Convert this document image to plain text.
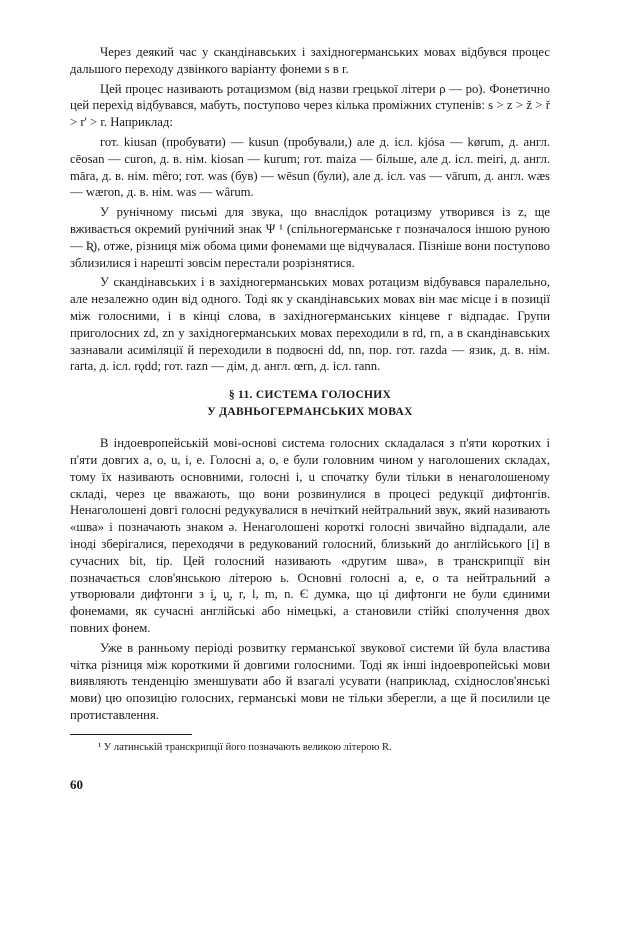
Через деякий час у скандінавських і західногерманських мовах відбувся процес дальшого переходу дзвінкого варіанту фонеми s в r.

Цей процес називають ротацизмом (від назви грецької літери ρ — ро). Фонетично цей перехід відбувався, мабуть, поступово через кілька проміжних ступенів: s > z > ž > ř > r' > r. Наприклад:

гот. kiusan (пробувати) — kusun (пробували,) але д. ісл. kjósa — kørum, д. англ. cēosan — curon, д. в. нім. kiosan — kurum; гот. maiza — більше, але д. ісл. meiri, д. англ. māra, д. в. нім. mêro; гот. was (був) — wēsun (були), але д. ісл. vas — vārum, д. англ. wæs — wæron, д. в. нім. was — wârum.

У рунічному письмі для звука, що внаслідок ротацизму утворився із z, ще вживається окремий рунічний знак Ψ ¹ (спільногерманське r позначалося іншою руною — Ʀ), отже, різниця між обома цими фонемами ще відчувалася. Пізніше вони поступово зблизилися і нарешті зовсім перестали розрізнятися.

У скандінавських і в західногерманських мовах ротацизм відбувався паралельно, але незалежно один від одного. Тоді як у скандінавських мовах він має місце і в позиції між голосними, і в кінці слова, в західногерманських кінцеве r відпадає. Групи приголосних zd, zn у західногерманських мовах переходили в rd, rn, а в скандінавських зазнавали асиміляції й переходили в подвоєні dd, nn, пор. гот. razda — язик, д. в. нім. rarta, д. ісл. rǫdd; гот. razn — дім, д. англ. œrn, д. ісл. rann.

§ 11. СИСТЕМА ГОЛОСНИХ
У ДАВНЬОГЕРМАНСЬКИХ МОВАХ

В індоевропейській мові-основі система голосних складалася з п'яти коротких і п'яти довгих a, o, u, i, e. Голосні a, o, e були головним чином у наголошених складах, тому їх називають основними, голосні i, u спочатку були тільки в ненаголошеному складі, через це вважають, що вони розвинулися в процесі редукції дифтонгів. Ненаголошені довгі голосні редукувалися в нечіткий нейтральний звук, який називають «шва» і позначають знаком ə. Ненаголошені короткі голосні звичайно відпадали, але іноді зберігалися, переходячи в редукований голосний, близький до англійського [i] в сучасних bit, tip. Цей голосний називають «другим шва», в транскрипції він позначається слов'янською літерою ь. Основні голосні a, e, o та нейтральний ə утворювали дифтонги з i̯, u̯, r, l, m, n. Є думка, що ці дифтонги не були єдиними фонемами, як сучасні англійські або німецькі, а становили стійкі сполучення двох повних фонем.

Уже в ранньому періоді розвитку германської звукової системи їй була властива чітка різниця між короткими й довгими голосними. Тоді як інші індоевропейські мови виявляють тенденцію зменшувати або й взагалі усувати (наприклад, східнослов'янські мови) цю опозицію голосних, германські мови не тільки зберегли, а ще й посилили це протиставлення.

¹ У латинській транскрипції його позначають великою літерою R.
60
